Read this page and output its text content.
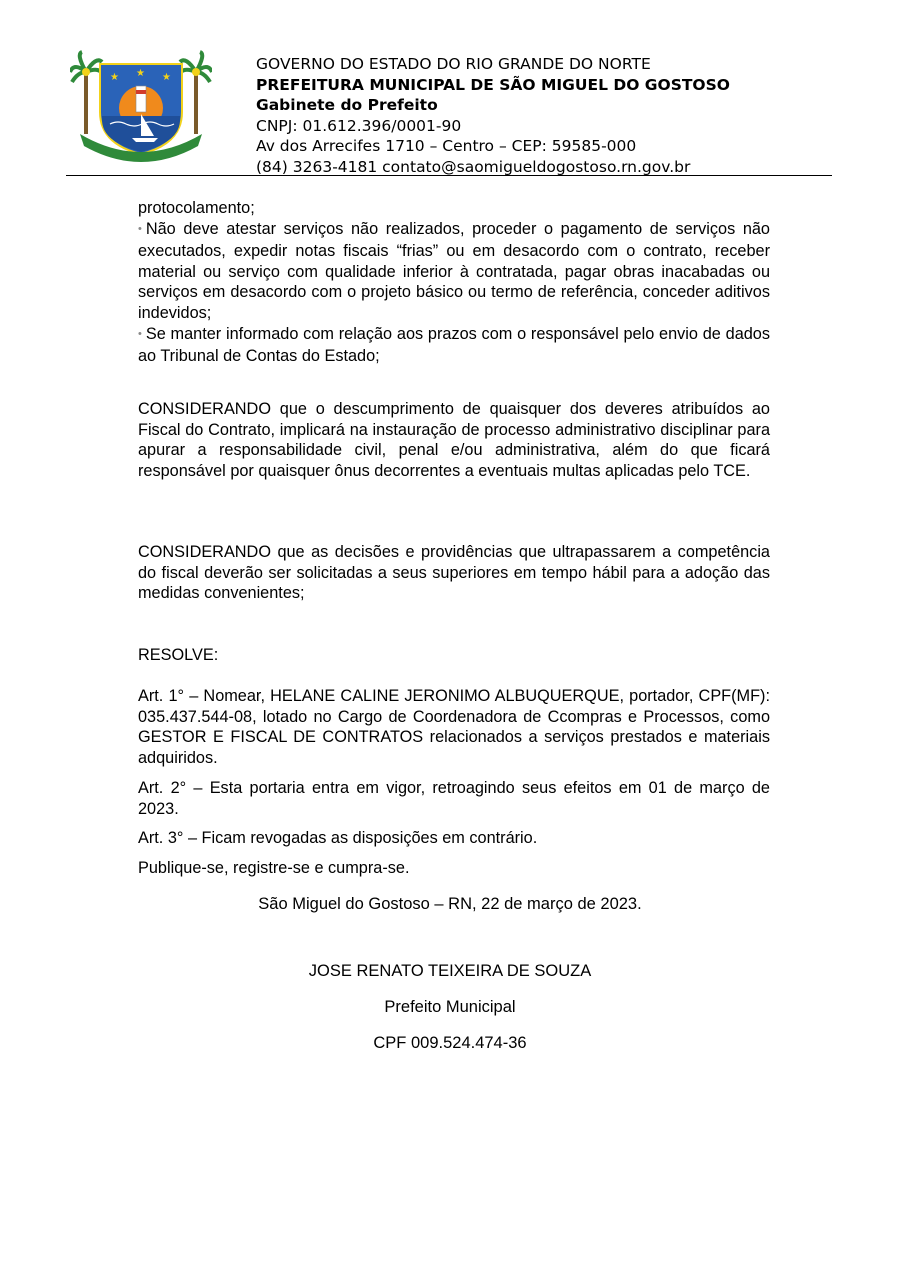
★ ★ ★
GOVERNO DO ESTADO DO RIO GRANDE DO NORTE
PREFEITURA MUNICIPAL DE SÃO MIGUEL DO GOSTOSO
Gabinete do Prefeito
CNPJ: 01.612.396/0001-90
Av dos Arrecifes 1710 – Centro – CEP: 59585-000
(84) 3263-4181 contato@saomigueldogostoso.rn.gov.br

protocolamento;

• Não deve atestar serviços não realizados, proceder o pagamento de serviços não executados, expedir notas fiscais “frias” ou em desacordo com o contrato, receber material ou serviço com qualidade inferior à contratada, pagar obras inacabadas ou serviços em desacordo com o projeto básico ou termo de referência, conceder aditivos indevidos;

• Se manter informado com relação aos prazos com o responsável pelo envio de dados ao Tribunal de Contas do Estado;

CONSIDERANDO que o descumprimento de quaisquer dos deveres atribuídos ao Fiscal do Contrato, implicará na instauração de processo administrativo disciplinar para apurar a responsabilidade civil, penal e/ou administrativa, além do que ficará responsável por quaisquer ônus decorrentes a eventuais multas aplicadas pelo TCE.

CONSIDERANDO que as decisões e providências que ultrapassarem a competência do fiscal deverão ser solicitadas a seus superiores em tempo hábil para a adoção das medidas convenientes;

RESOLVE:

Art. 1° – Nomear, HELANE CALINE JERONIMO ALBUQUERQUE, portador, CPF(MF): 035.437.544-08, lotado no Cargo de Coordenadora de Ccompras e Processos, como GESTOR E FISCAL DE CONTRATOS relacionados a serviços prestados e materiais adquiridos.

Art. 2° – Esta portaria entra em vigor, retroagindo seus efeitos em 01 de março de 2023.

Art. 3° – Ficam revogadas as disposições em contrário.

Publique-se, registre-se e cumpra-se.

São Miguel do Gostoso – RN, 22 de março de 2023.
JOSE RENATO TEIXEIRA DE SOUZA
Prefeito Municipal
CPF 009.524.474-36
